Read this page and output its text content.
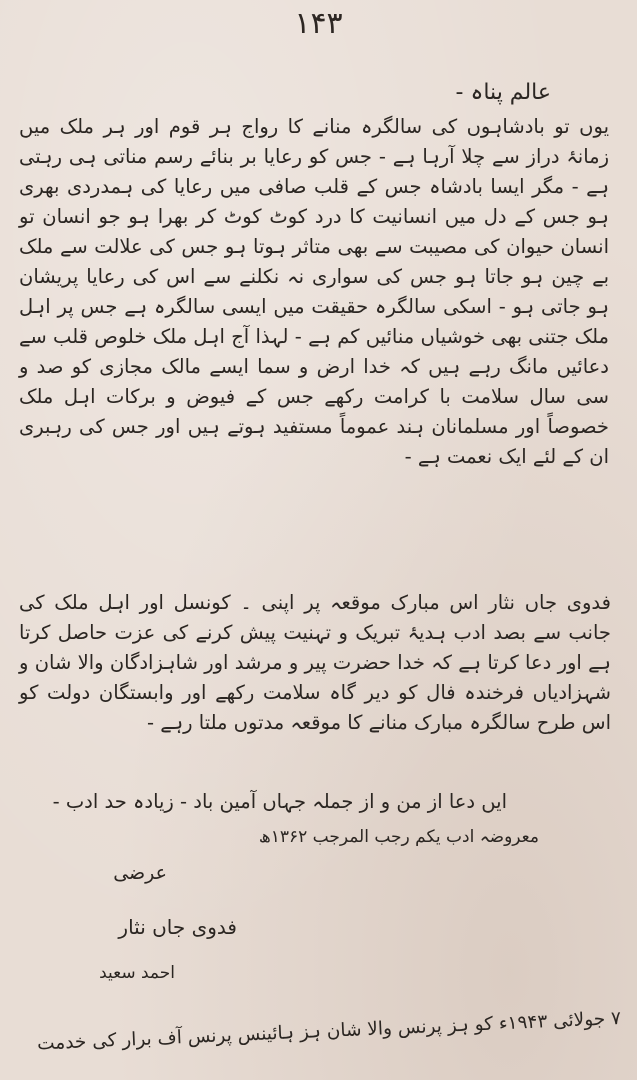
۱۴۳
عالم پناہ -
یوں تو بادشاہوں کی سالگرہ منانے کا رواج ہر قوم اور ہر ملک میں زمانۂ دراز سے چلا آرہا ہے - جس کو رعایا بر بنائے رسم مناتی ہی رہتی ہے - مگر ایسا بادشاہ جس کے قلب صافی میں رعایا کی ہمدردی بھری ہو جس کے دل میں انسانیت کا درد کوٹ کوٹ کر بھرا ہو جو انسان تو انسان حیوان کی مصیبت سے بھی متاثر ہوتا ہو جس کی علالت سے ملک بے چین ہو جاتا ہو جس کی سواری نہ نکلنے سے اس کی رعایا پریشان ہو جاتی ہو - اسکی سالگرہ حقیقت میں ایسی سالگرہ ہے جس پر اہل ملک جتنی بھی خوشیاں منائیں کم ہے - لہذا آج اہل ملک خلوص قلب سے دعائیں مانگ رہے ہیں کہ خدا ارض و سما ایسے مالک مجازی کو صد و سی سال سلامت با کرامت رکھے جس کے فیوض و برکات اہل ملک خصوصاً اور مسلمانان ہند عموماً مستفید ہوتے ہیں اور جس کی رہبری ان کے لئے ایک نعمت ہے -
فدوی جاں نثار اس مبارک موقعہ پر اپنی ۔ کونسل اور اہل ملک کی جانب سے بصد ادب ہدیۂ تبریک و تہنیت پیش کرنے کی عزت حاصل کرتا ہے اور دعا کرتا ہے کہ خدا حضرت پیر و مرشد اور شاہزادگان والا شان و شہزادیاں فرخندہ فال کو دیر گاہ سلامت رکھے اور وابستگان دولت کو اس طرح سالگرہ مبارک منانے کا موقعہ مدتوں ملتا رہے -
ایں دعا از من و از جملہ جہاں آمین باد - زیادہ حد ادب -
معروضہ ادب یکم رجب المرجب ۱۳۶۲ھ
عرضی
فدوی جاں نثار
احمد سعید
۷ جولائی ۱۹۴۳ء کو ہز پرنس والا شان ہز ہائینس پرنس آف برار کی خدمت
